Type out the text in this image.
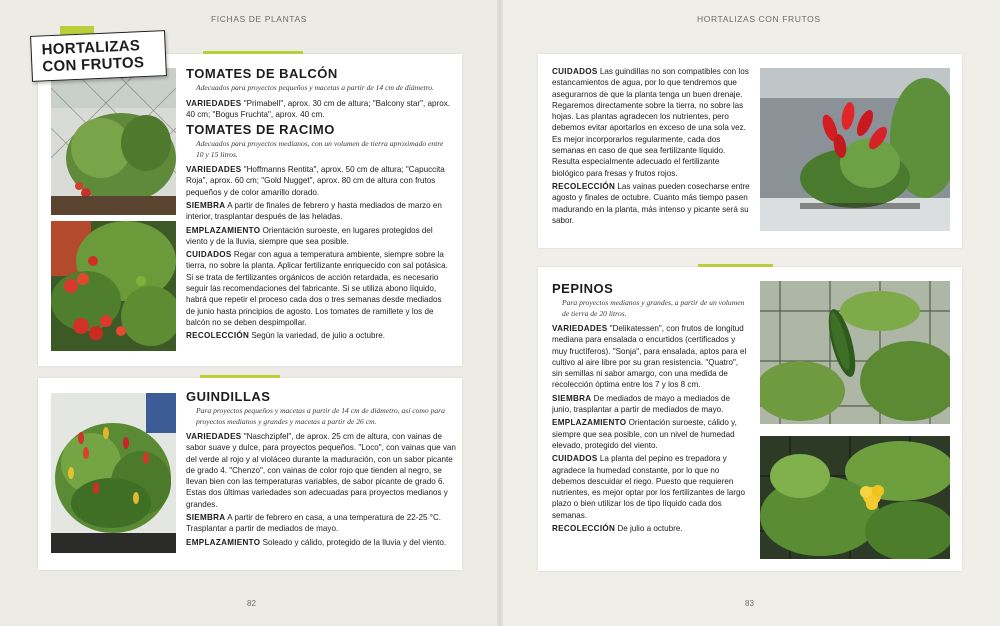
FICHAS DE PLANTAS	HORTALIZAS CON FRUTOS
HORTALIZAS
CON FRUTOS	TOMATES DE BALCÓN
Adecuados para proyectos pequeños y macetas a partir de 14 cm de diámetro.
VARIEDADES "Primabell", aprox. 30 cm de altura; "Balcony star", aprox. 40 cm; "Bogus Fruchta", aprox. 40 cm.
TOMATES DE RACIMO
Adecuados para proyectos medianos, con un volumen de tierra aproximado entre 10 y 15 litros.
VARIEDADES "Hoffmanns Rentita", aprox. 50 cm de altura; "Capuccita Roja", aprox. 60 cm; "Gold Nugget", aprox. 80 cm de altura con frutos pequeños y de color amarillo dorado.
SIEMBRA A partir de finales de febrero y hasta mediados de marzo en interior, trasplantar después de las heladas.
EMPLAZAMIENTO Orientación suroeste, en lugares protegidos del viento y de la lluvia, siempre que sea posible.
CUIDADOS Regar con agua a temperatura ambiente, siempre sobre la tierra, no sobre la planta. Aplicar fertilizante enriquecido con sal potásica. Si se trata de fertilizantes orgánicos de acción retardada, es necesario seguir las recomendaciones del fabricante. Si se utiliza abono líquido, habrá que repetir el proceso cada dos o tres semanas desde mediados de junio hasta principios de agosto. Los tomates de ramillete y los de balcón no se deben despimpollar.
RECOLECCIÓN Según la variedad, de julio a octubre.
GUINDILLAS
Para proyectos pequeños y macetas a partir de 14 cm de diámetro, así como para proyectos medianos y grandes y macetas a partir de 26 cm.
VARIEDADES "Naschzipfel", de aprox. 25 cm de altura, con vainas de sabor suave y dulce, para proyectos pequeños. "Loco", con vainas que van del verde al rojo y al violáceo durante la maduración, con un sabor picante de grado 4. "Chenzo", con vainas de color rojo que tienden al negro, se llevan bien con las temperaturas variables, de sabor picante de grado 6. Estas dos últimas variedades son adecuadas para proyectos medianos y grandes.
SIEMBRA A partir de febrero en casa, a una temperatura de 22-25 °C. Trasplantar a partir de mediados de mayo.
EMPLAZAMIENTO Soleado y cálido, protegido de la lluvia y del viento.
82
CUIDADOS Las guindillas no son compatibles con los estancamientos de agua, por lo que tendremos que asegurarnos de que la planta tenga un buen drenaje. Regaremos directamente sobre la tierra, no sobre las hojas. Las plantas agradecen los nutrientes, pero debemos evitar aportarlos en exceso de una sola vez. Es mejor incorporarlos regularmente, cada dos semanas en caso de que sea fertilizante líquido. Resulta especialmente adecuado el fertilizante biológico para fresas y frutos rojos.
RECOLECCIÓN Las vainas pueden cosecharse entre agosto y finales de octubre. Cuanto más tiempo pasen madurando en la planta, más intenso y picante será su sabor.
PEPINOS
Para proyectos medianos y grandes, a partir de un volumen de tierra de 20 litros.
VARIEDADES "Delikatessen", con frutos de longitud mediana para ensalada o encurtidos (certificados y muy fructíferos). "Sonja", para ensalada, aptos para el cultivo al aire libre por su gran resistencia. "Quatro", sin semillas ni sabor amargo, con una medida de recolección óptima entre los 7 y los 8 cm.
SIEMBRA De mediados de mayo a mediados de junio, trasplantar a partir de mediados de mayo.
EMPLAZAMIENTO Orientación suroeste, cálido y, siempre que sea posible, con un nivel de humedad elevado, protegido del viento.
CUIDADOS La planta del pepino es trepadora y agradece la humedad constante, por lo que no debemos descuidar el riego. Puesto que requieren nutrientes, es mejor optar por los fertilizantes de largo plazo o bien utilizar los de tipo líquido cada dos semanas.
RECOLECCIÓN De julio a octubre.
83
